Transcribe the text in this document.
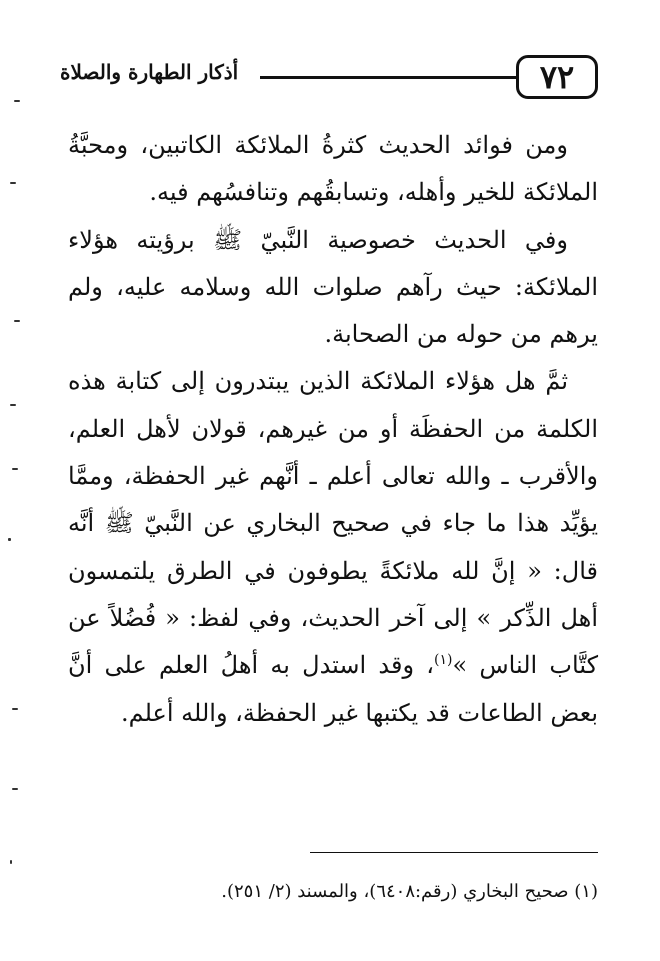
٧٢
أذكار الطهارة والصلاة

ومن فوائد الحديث كثرةُ الملائكة الكاتبين، ومحبَّةُ الملائكة للخير وأهله، وتسابقُهم وتنافسُهم فيه.

وفي الحديث خصوصية النَّبيّ ﷺ برؤيته هؤلاء الملائكة: حيث رآهم صلوات الله وسلامه عليه، ولم يرهم من حوله من الصحابة.

ثمَّ هل هؤلاء الملائكة الذين يبتدرون إلى كتابة هذه الكلمة من الحفظَة أو من غيرهم، قولان لأهل العلم، والأقرب ـ والله تعالى أعلم ـ أنَّهم غير الحفظة، وممَّا يؤيِّد هذا ما جاء في صحيح البخاري عن النَّبيّ ﷺ أنَّه قال: « إنَّ لله ملائكةً يطوفون في الطرق يلتمسون أهل الذِّكر » إلى آخر الحديث، وفي لفظ: « فُضُلاً عن كتَّاب الناس »$^{(١)}$، وقد استدل به أهلُ العلم على أنَّ بعض الطاعات قد يكتبها غير الحفظة، والله أعلم.

(١) صحيح البخاري (رقم:٦٤٠٨)، والمسند (٢/ ٢٥١).
